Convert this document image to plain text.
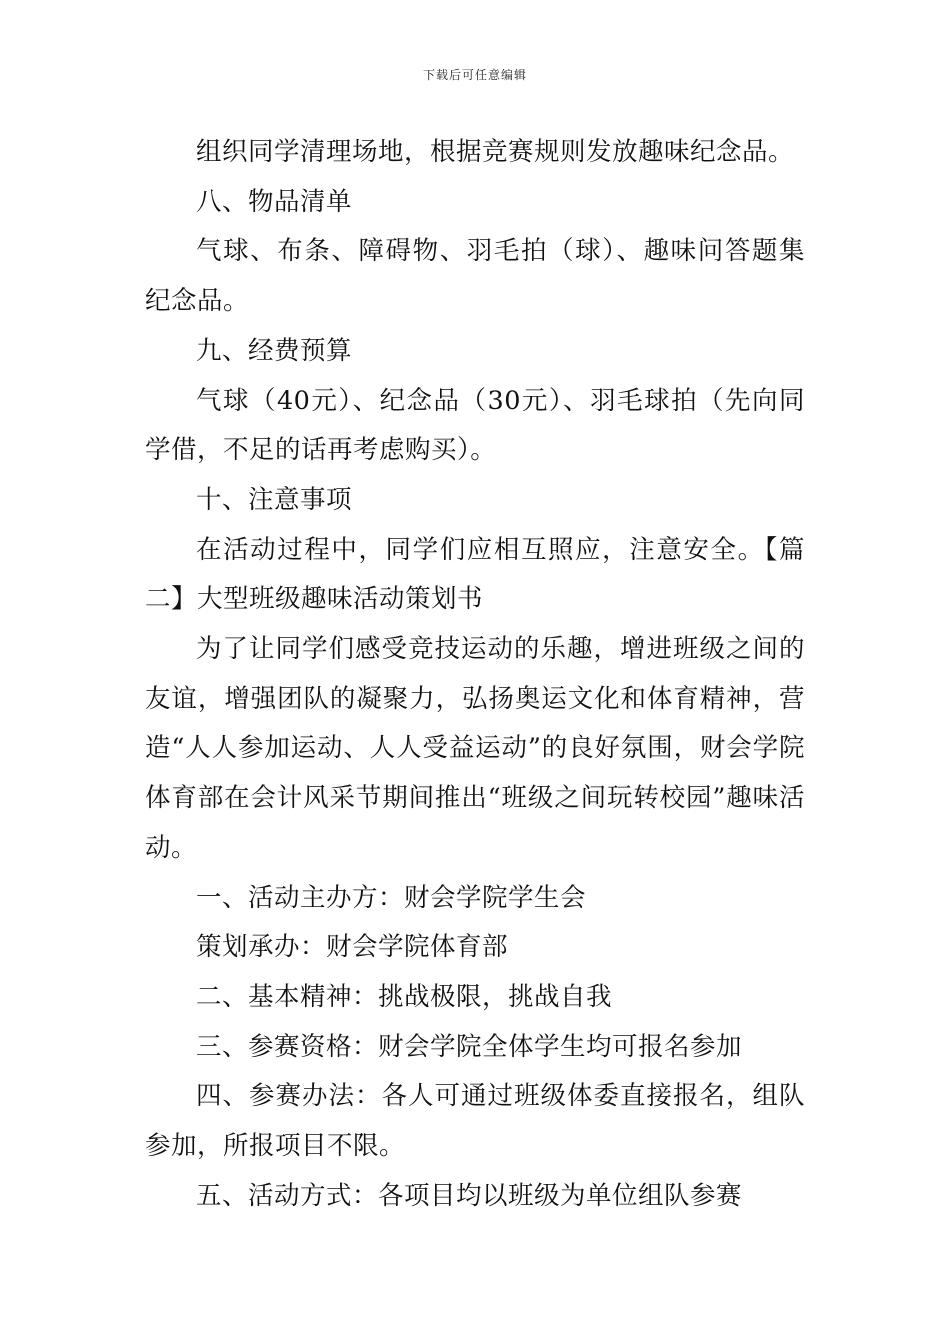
下载后可任意编辑

组织同学清理场地，根据竞赛规则发放趣味纪念品。

八、物品清单

气球、布条、障碍物、羽毛拍（球）、趣味问答题集纪念品。

九、经费预算

气球（40元）、纪念品（30元）、羽毛球拍（先向同学借，不足的话再考虑购买）。

十、注意事项

在活动过程中，同学们应相互照应，注意安全。【篇二】大型班级趣味活动策划书

为了让同学们感受竞技运动的乐趣，增进班级之间的友谊，增强团队的凝聚力，弘扬奥运文化和体育精神，营造“人人参加运动、人人受益运动”的良好氛围，财会学院体育部在会计风采节期间推出“班级之间玩转校园”趣味活动。

一、活动主办方：财会学院学生会

策划承办：财会学院体育部

二、基本精神：挑战极限，挑战自我

三、参赛资格：财会学院全体学生均可报名参加

四、参赛办法：各人可通过班级体委直接报名，组队参加，所报项目不限。

五、活动方式：各项目均以班级为单位组队参赛
